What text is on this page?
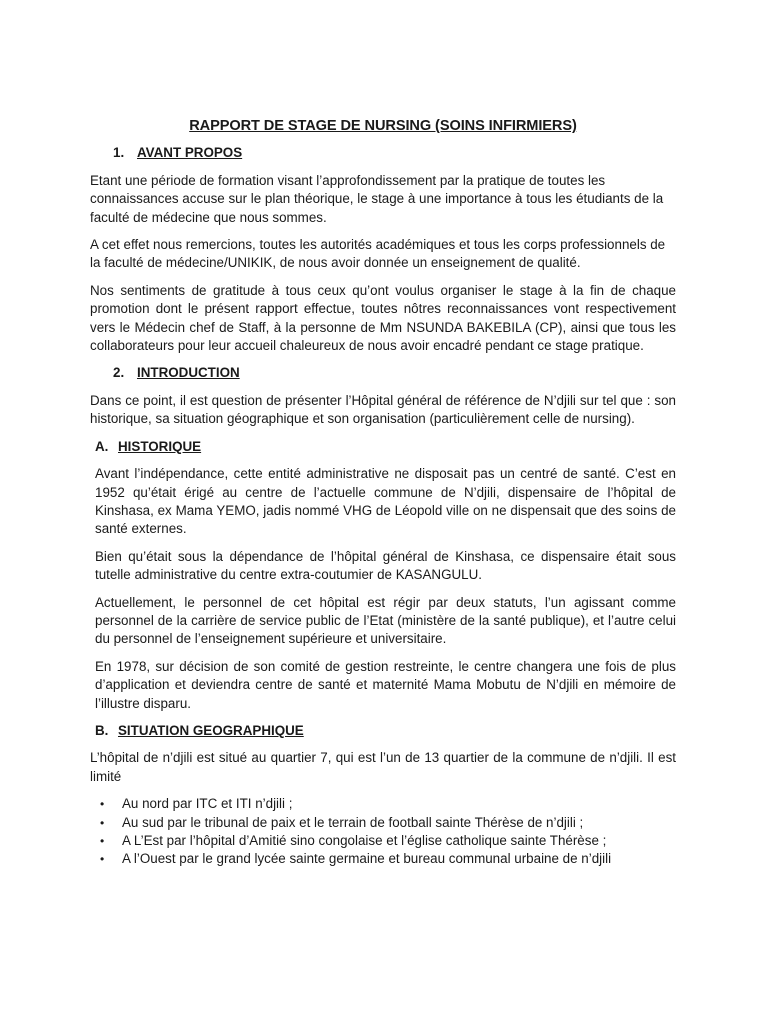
RAPPORT DE STAGE DE NURSING (SOINS INFIRMIERS)
1. AVANT PROPOS

Etant une période de formation visant l’approfondissement par la pratique de toutes les connaissances accuse sur le plan théorique, le stage à une importance à tous les étudiants de la faculté de médecine que nous sommes.

A cet effet nous remercions, toutes les autorités académiques et tous les corps professionnels de la faculté de médecine/UNIKIK, de nous avoir donnée un enseignement de qualité.

Nos sentiments de gratitude à tous ceux qu’ont voulus organiser le stage à la fin de chaque promotion dont le présent rapport effectue, toutes nôtres reconnaissances vont respectivement vers le Médecin chef de Staff, à la personne de Mm NSUNDA BAKEBILA (CP), ainsi que tous les collaborateurs pour leur accueil chaleureux de nous avoir encadré pendant ce stage pratique.

2. INTRODUCTION

Dans ce point, il est question de présenter l’Hôpital général de référence de N’djili sur tel que : son historique, sa situation géographique et son organisation (particulièrement celle de nursing).

A. HISTORIQUE

Avant l’indépendance, cette entité administrative ne disposait pas un centré de santé. C’est en 1952 qu’était érigé au centre de l’actuelle commune de N’djili, dispensaire de l’hôpital de Kinshasa, ex Mama YEMO, jadis nommé VHG de Léopold ville on ne dispensait que des soins de santé externes.

Bien qu’était sous la dépendance de l’hôpital général de Kinshasa, ce dispensaire était sous tutelle administrative du centre extra-coutumier de KASANGULU.

Actuellement, le personnel de cet hôpital est régir par deux statuts, l’un agissant comme personnel de la carrière de service public de l’Etat (ministère de la santé publique), et l’autre celui du personnel de l’enseignement supérieure et universitaire.

En 1978, sur décision de son comité de gestion restreinte, le centre changera une fois de plus d’application et deviendra centre de santé et maternité Mama Mobutu de N’djili en mémoire de l’illustre disparu.

B. SITUATION GEOGRAPHIQUE

L’hôpital de n’djili est situé au quartier 7, qui est l’un de 13 quartier de la commune de n’djili. Il est limité

•	Au nord par ITC et ITI n’djili ;
•	Au sud par le tribunal de paix et le terrain de football sainte Thérèse de n’djili ;
•	A L’Est par l’hôpital d’Amitié sino congolaise et l’église catholique sainte Thérèse ;
•	A l’Ouest par le grand lycée sainte germaine et bureau communal urbaine de n’djili
